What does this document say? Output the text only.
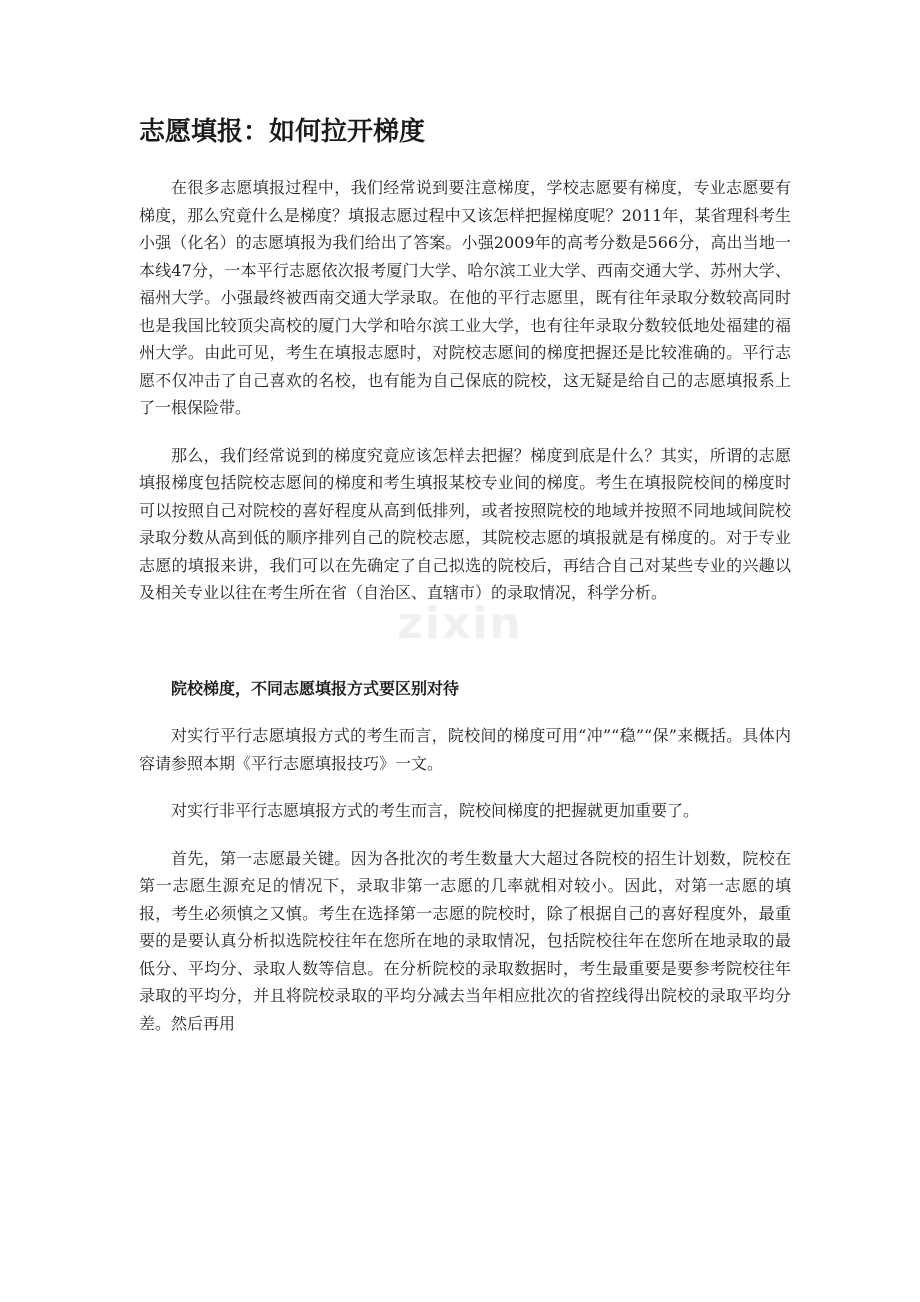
zixin
志愿填报：如何拉开梯度

在很多志愿填报过程中，我们经常说到要注意梯度，学校志愿要有梯度，专业志愿要有梯度，那么究竟什么是梯度？填报志愿过程中又该怎样把握梯度呢？2011年，某省理科考生小强（化名）的志愿填报为我们给出了答案。小强2009年的高考分数是566分，高出当地一本线47分，一本平行志愿依次报考厦门大学、哈尔滨工业大学、西南交通大学、苏州大学、福州大学。小强最终被西南交通大学录取。在他的平行志愿里，既有往年录取分数较高同时也是我国比较顶尖高校的厦门大学和哈尔滨工业大学，也有往年录取分数较低地处福建的福州大学。由此可见，考生在填报志愿时，对院校志愿间的梯度把握还是比较准确的。平行志愿不仅冲击了自己喜欢的名校，也有能为自己保底的院校，这无疑是给自己的志愿填报系上了一根保险带。

那么，我们经常说到的梯度究竟应该怎样去把握？梯度到底是什么？其实，所谓的志愿填报梯度包括院校志愿间的梯度和考生填报某校专业间的梯度。考生在填报院校间的梯度时可以按照自己对院校的喜好程度从高到低排列，或者按照院校的地域并按照不同地域间院校录取分数从高到低的顺序排列自己的院校志愿，其院校志愿的填报就是有梯度的。对于专业志愿的填报来讲，我们可以在先确定了自己拟选的院校后，再结合自己对某些专业的兴趣以及相关专业以往在考生所在省（自治区、直辖市）的录取情况，科学分析。

院校梯度，不同志愿填报方式要区别对待

对实行平行志愿填报方式的考生而言，院校间的梯度可用“冲”“稳”“保”来概括。具体内容请参照本期《平行志愿填报技巧》一文。

对实行非平行志愿填报方式的考生而言，院校间梯度的把握就更加重要了。

首先，第一志愿最关键。因为各批次的考生数量大大超过各院校的招生计划数，院校在第一志愿生源充足的情况下，录取非第一志愿的几率就相对较小。因此，对第一志愿的填报，考生必须慎之又慎。考生在选择第一志愿的院校时，除了根据自己的喜好程度外，最重要的是要认真分析拟选院校往年在您所在地的录取情况，包括院校往年在您所在地录取的最低分、平均分、录取人数等信息。在分析院校的录取数据时，考生最重要是要参考院校往年录取的平均分，并且将院校录取的平均分减去当年相应批次的省控线得出院校的录取平均分差。然后再用
